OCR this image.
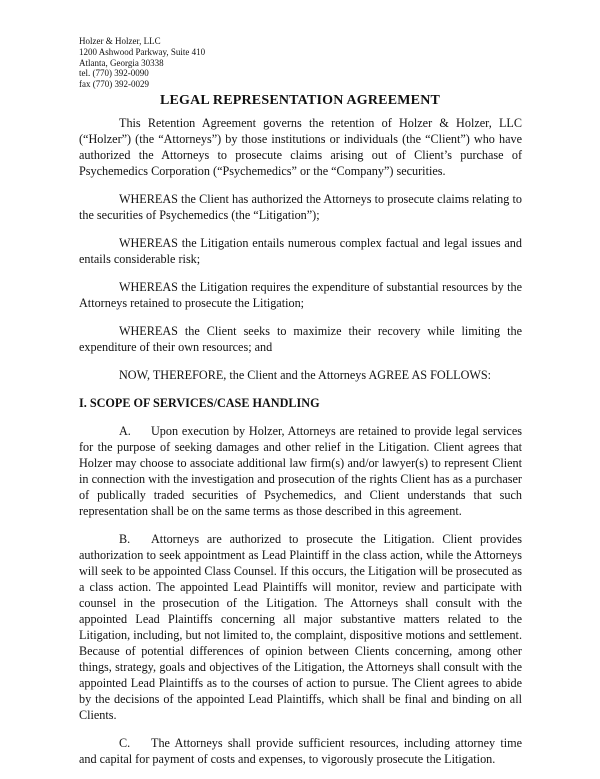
Holzer & Holzer, LLC
1200 Ashwood Parkway, Suite 410
Atlanta, Georgia 30338
tel. (770) 392-0090
fax (770) 392-0029
LEGAL REPRESENTATION AGREEMENT

This Retention Agreement governs the retention of Holzer & Holzer, LLC (“Holzer”) (the “Attorneys”) by those institutions or individuals (the “Client”) who have authorized the Attorneys to prosecute claims arising out of Client’s purchase of Psychemedics Corporation (“Psychemedics” or the “Company”) securities.

WHEREAS the Client has authorized the Attorneys to prosecute claims relating to the securities of Psychemedics (the “Litigation”);

WHEREAS the Litigation entails numerous complex factual and legal issues and entails considerable risk;

WHEREAS the Litigation requires the expenditure of substantial resources by the Attorneys retained to prosecute the Litigation;

WHEREAS the Client seeks to maximize their recovery while limiting the expenditure of their own resources; and

NOW, THEREFORE, the Client and the Attorneys AGREE AS FOLLOWS:

I. SCOPE OF SERVICES/CASE HANDLING

A. Upon execution by Holzer, Attorneys are retained to provide legal services for the purpose of seeking damages and other relief in the Litigation. Client agrees that Holzer may choose to associate additional law firm(s) and/or lawyer(s) to represent Client in connection with the investigation and prosecution of the rights Client has as a purchaser of publically traded securities of Psychemedics, and Client understands that such representation shall be on the same terms as those described in this agreement.

B. Attorneys are authorized to prosecute the Litigation. Client provides authorization to seek appointment as Lead Plaintiff in the class action, while the Attorneys will seek to be appointed Class Counsel. If this occurs, the Litigation will be prosecuted as a class action. The appointed Lead Plaintiffs will monitor, review and participate with counsel in the prosecution of the Litigation. The Attorneys shall consult with the appointed Lead Plaintiffs concerning all major substantive matters related to the Litigation, including, but not limited to, the complaint, dispositive motions and settlement. Because of potential differences of opinion between Clients concerning, among other things, strategy, goals and objectives of the Litigation, the Attorneys shall consult with the appointed Lead Plaintiffs as to the courses of action to pursue. The Client agrees to abide by the decisions of the appointed Lead Plaintiffs, which shall be final and binding on all Clients.

C. The Attorneys shall provide sufficient resources, including attorney time and capital for payment of costs and expenses, to vigorously prosecute the Litigation.
